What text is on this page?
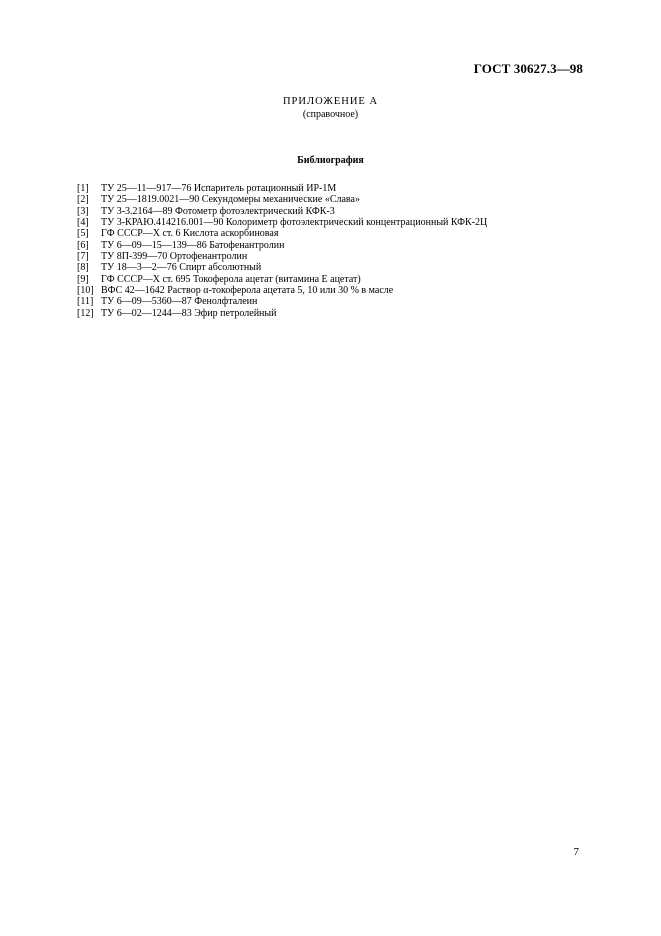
ГОСТ 30627.3—98
ПРИЛОЖЕНИЕ А
(справочное)
Библиография
[1] ТУ 25—11—917—76 Испаритель ротационный ИР-1М
[2] ТУ 25—1819.0021—90 Секундомеры механические «Слава»
[3] ТУ 3-3.2164—89 Фотометр фотоэлектрический КФК-3
[4] ТУ 3-КРАЮ.414216.001—90 Колориметр фотоэлектрический концентрационный КФК-2Ц
[5] ГФ СССР—X ст. 6 Кислота аскорбиновая
[6] ТУ 6—09—15—139—86 Батофенантролин
[7] ТУ 8П-399—70 Ортофенантролин
[8] ТУ 18—3—2—76 Спирт абсолютный
[9] ГФ СССР—X ст. 695 Токоферола ацетат (витамина Е ацетат)
[10] ВФС 42—1642 Раствор α-токоферола ацетата 5, 10 или 30 % в масле
[11] ТУ 6—09—5360—87 Фенолфталеин
[12] ТУ 6—02—1244—83 Эфир петролейный
7
